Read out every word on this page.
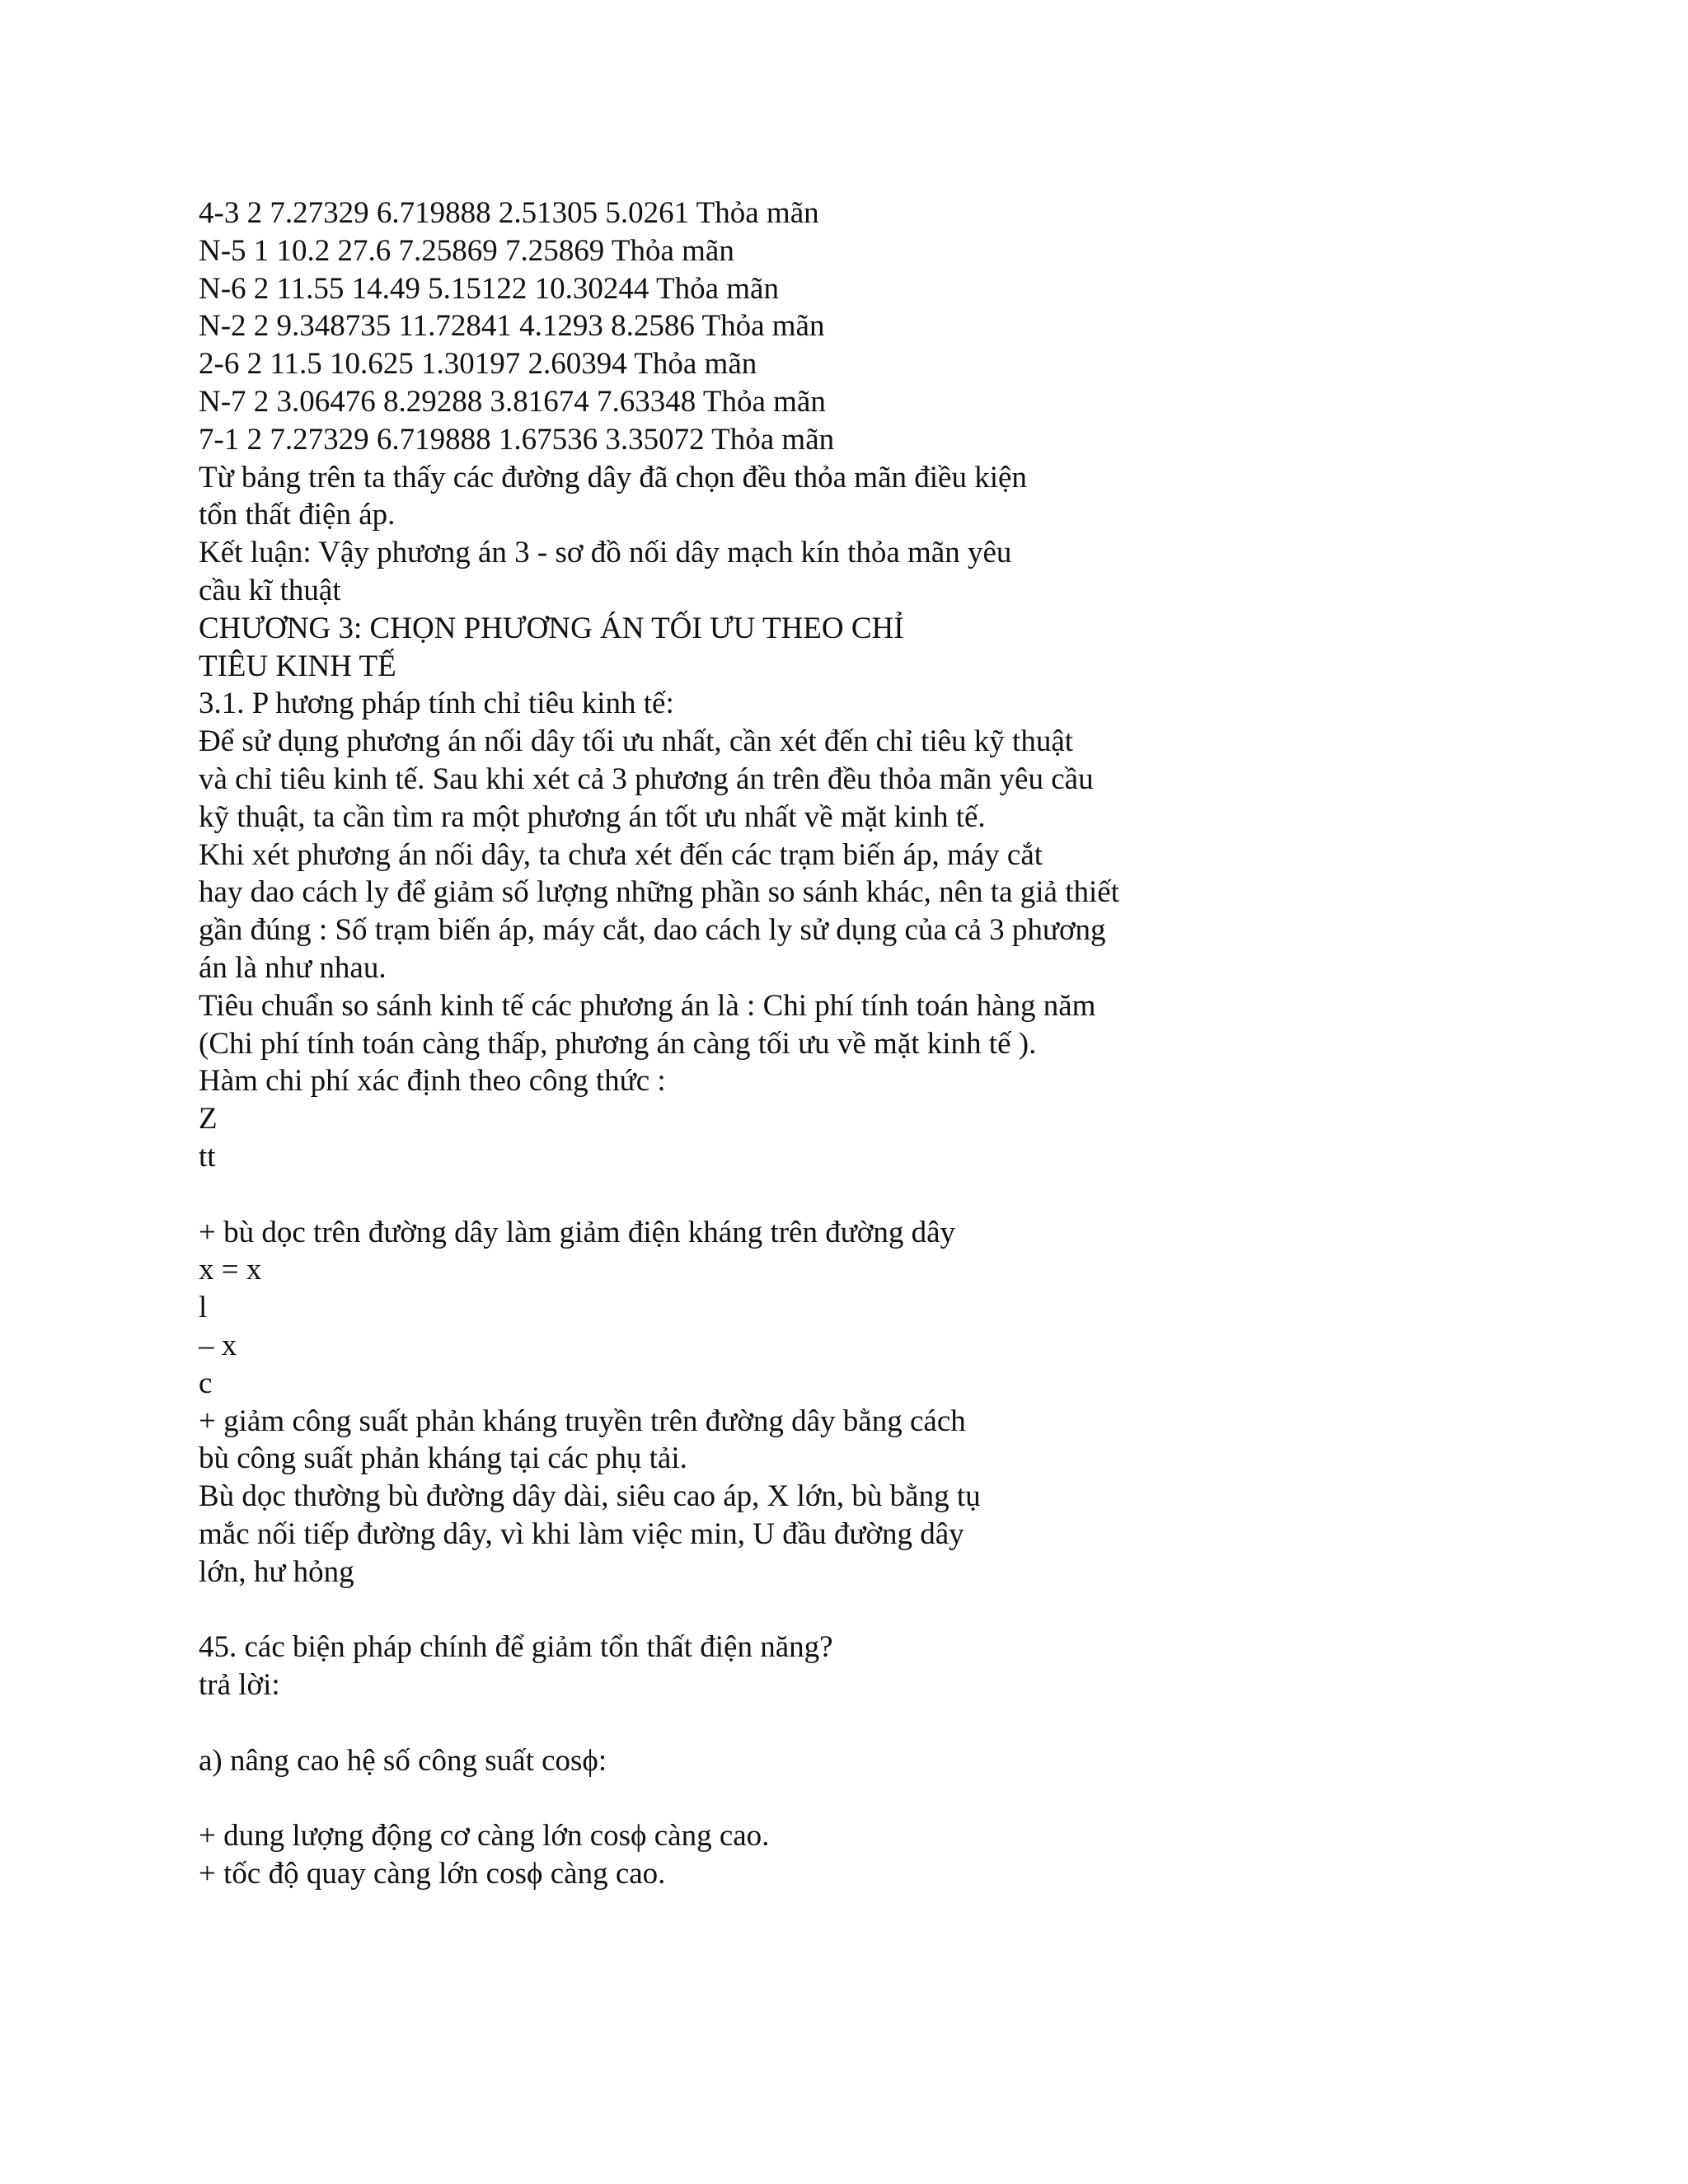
4-3 2 7.27329 6.719888 2.51305 5.0261 Thỏa mãn
N-5 1 10.2 27.6 7.25869 7.25869 Thỏa mãn
N-6 2 11.55 14.49 5.15122 10.30244 Thỏa mãn
N-2 2 9.348735 11.72841 4.1293 8.2586 Thỏa mãn
2-6 2 11.5 10.625 1.30197 2.60394 Thỏa mãn
N-7 2 3.06476 8.29288 3.81674 7.63348 Thỏa mãn
7-1 2 7.27329 6.719888 1.67536 3.35072 Thỏa mãn
Từ bảng trên ta thấy các đường dây đã chọn đều thỏa mãn điều kiện
tổn thất điện áp.
Kết luận: Vậy phương án 3 - sơ đồ nối dây mạch kín thỏa mãn yêu
cầu kĩ thuật
CHƯƠNG 3: CHỌN PHƯƠNG ÁN TỐI ƯU THEO CHỈ
TIÊU KINH TẾ
3.1. P hương pháp tính chỉ tiêu kinh tế:
Để sử dụng phương án nối dây tối ưu nhất, cần xét đến chỉ tiêu kỹ thuật
và chỉ tiêu kinh tế. Sau khi xét cả 3 phương án trên đều thỏa mãn yêu cầu
kỹ thuật, ta cần tìm ra một phương án tốt ưu nhất về mặt kinh tế.
Khi xét phương án nối dây, ta chưa xét đến các trạm biến áp, máy cắt
hay dao cách ly để giảm số lượng những phần so sánh khác, nên ta giả thiết
gần đúng : Số trạm biến áp, máy cắt, dao cách ly sử dụng của cả 3 phương
án là như nhau.
Tiêu chuẩn so sánh kinh tế các phương án là : Chi phí tính toán hàng năm
(Chi phí tính toán càng thấp, phương án càng tối ưu về mặt kinh tế ).
Hàm chi phí xác định theo công thức :
Z
tt
+ bù dọc trên đường dây làm giảm điện kháng trên đường dây
x = x
l
– x
c
+ giảm công suất phản kháng truyền trên đường dây bằng cách
bù công suất phản kháng tại các phụ tải.
Bù dọc thường bù đường dây dài, siêu cao áp, X lớn, bù bằng tụ
mắc nối tiếp đường dây, vì khi làm việc min, U đầu đường dây
lớn, hư hỏng
45. các biện pháp chính để giảm tổn thất điện năng?
trả lời:
a) nâng cao hệ số công suất cosϕ:
+ dung lượng động cơ càng lớn cosϕ càng cao.
+ tốc độ quay càng lớn cosϕ càng cao.
